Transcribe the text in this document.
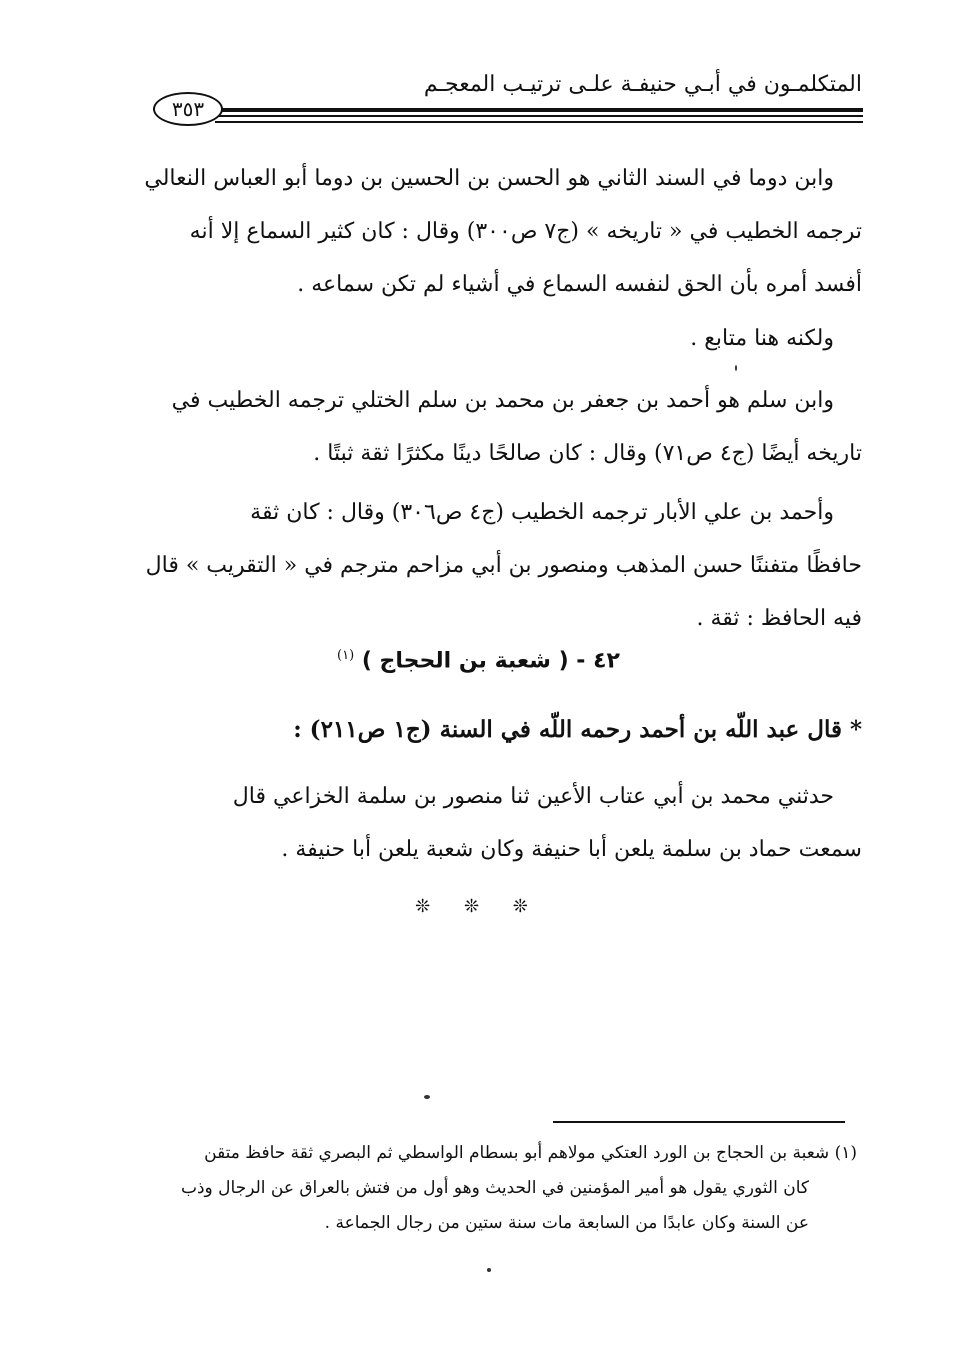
المتكلمـون في أبـي حنيفـة علـى ترتيـب المعجـم
٣٥٣
وابن دوما في السند الثاني هو الحسن بن الحسين بن دوما أبو العباس النعالي
ترجمه الخطيب في « تاريخه » (ج٧ ص٣٠٠) وقال : كان كثير السماع إلا أنه
أفسد أمره بأن الحق لنفسه السماع في أشياء لم تكن سماعه .
ولكنه هنا متابع .
وابن سلم هو أحمد بن جعفر بن محمد بن سلم الختلي ترجمه الخطيب في
تاريخه أيضًا (ج٤ ص٧١) وقال : كان صالحًا دينًا مكثرًا ثقة ثبتًا .
وأحمد بن علي الأبار ترجمه الخطيب (ج٤ ص٣٠٦) وقال : كان ثقة
حافظًا متفننًا حسن المذهب ومنصور بن أبي مزاحم مترجم في « التقريب » قال
فيه الحافظ : ثقة .
٤٢ - ( شعبة بن الحجاج ) $^{(١)}$
* قال عبد اللّه بن أحمد رحمه اللّه في السنة (ج١ ص٢١١) :
حدثني محمد بن أبي عتاب الأعين ثنا منصور بن سلمة الخزاعي قال
سمعت حماد بن سلمة يلعن أبا حنيفة وكان شعبة يلعن أبا حنيفة .
❊ ❊ ❊
(١) شعبة بن الحجاج بن الورد العتكي مولاهم أبو بسطام الواسطي ثم البصري ثقة حافظ متقن
كان الثوري يقول هو أمير المؤمنين في الحديث وهو أول من فتش بالعراق عن الرجال وذب
عن السنة وكان عابدًا من السابعة مات سنة ستين من رجال الجماعة .
